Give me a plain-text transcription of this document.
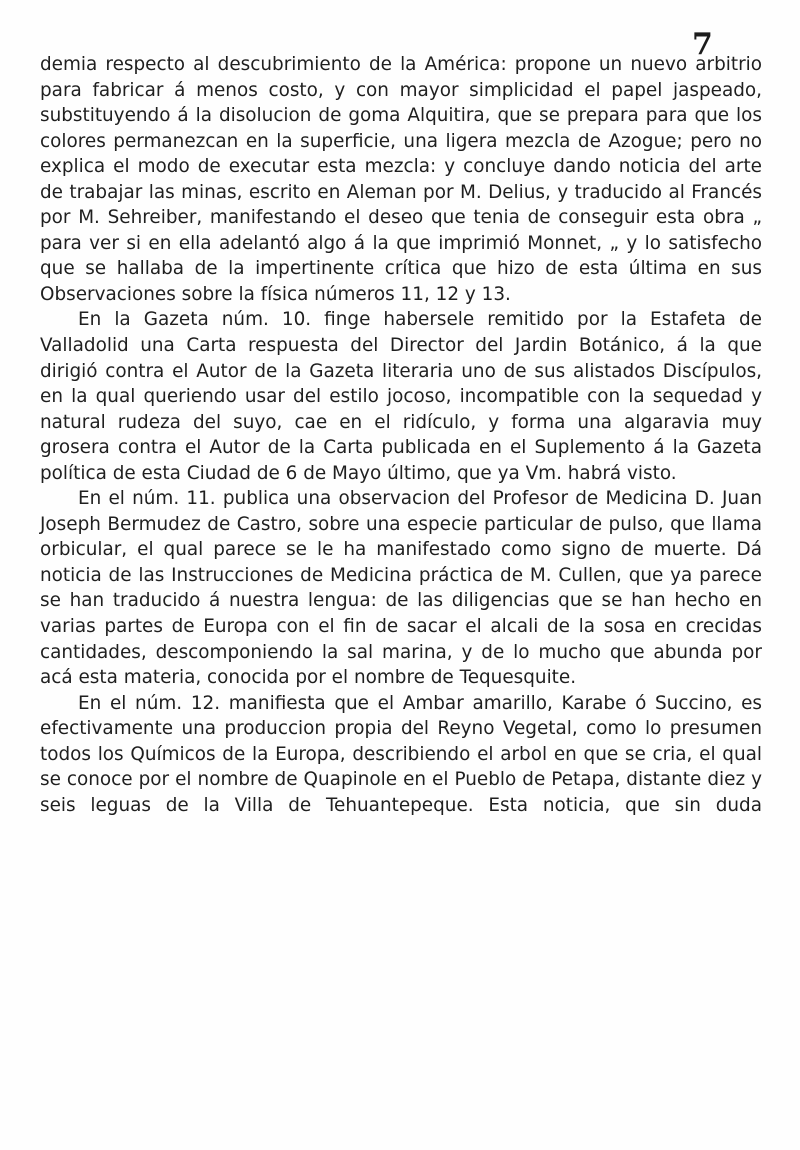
7

demia respecto al descubrimiento de la América: propone un nuevo arbitrio para fabricar á menos costo, y con mayor simplicidad el papel jaspeado, substituyendo á la disolucion de goma Alquitira, que se prepara para que los colores permanezcan en la superficie, una ligera mezcla de Azogue; pero no explica el modo de executar esta mezcla: y concluye dando noticia del arte de trabajar las minas, escrito en Aleman por M. Delius, y traducido al Francés por M. Sehreiber, manifestando el deseo que tenia de conseguir esta obra „ para ver si en ella adelantó algo á la que imprimió Monnet, „ y lo satisfecho que se hallaba de la impertinente crítica que hizo de esta última en sus Observaciones sobre la física números 11, 12 y 13.

En la Gazeta núm. 10. finge habersele remitido por la Estafeta de Valladolid una Carta respuesta del Director del Jardin Botánico, á la que dirigió contra el Autor de la Gazeta literaria uno de sus alistados Discípulos, en la qual queriendo usar del estilo jocoso, incompatible con la sequedad y natural rudeza del suyo, cae en el ridículo, y forma una algaravia muy grosera contra el Autor de la Carta publicada en el Suplemento á la Gazeta política de esta Ciudad de 6 de Mayo último, que ya Vm. habrá visto.

En el núm. 11. publica una observacion del Profesor de Medicina D. Juan Joseph Bermudez de Castro, sobre una especie particular de pulso, que llama orbicular, el qual parece se le ha manifestado como signo de muerte. Dá noticia de las Instrucciones de Medicina práctica de M. Cullen, que ya parece se han traducido á nuestra lengua: de las diligencias que se han hecho en varias partes de Europa con el fin de sacar el alcali de la sosa en crecidas cantidades, descomponiendo la sal marina, y de lo mucho que abunda por acá esta materia, conocida por el nombre de Tequesquite.

En el núm. 12. manifiesta que el Ambar amarillo, Karabe ó Succino, es efectivamente una produccion propia del Reyno Vegetal, como lo presumen todos los Químicos de la Europa, describiendo el arbol en que se cria, el qual se conoce por el nombre de Quapinole en el Pueblo de Petapa, distante diez y seis leguas de la Villa de Tehuantepeque. Esta noticia, que sin duda
